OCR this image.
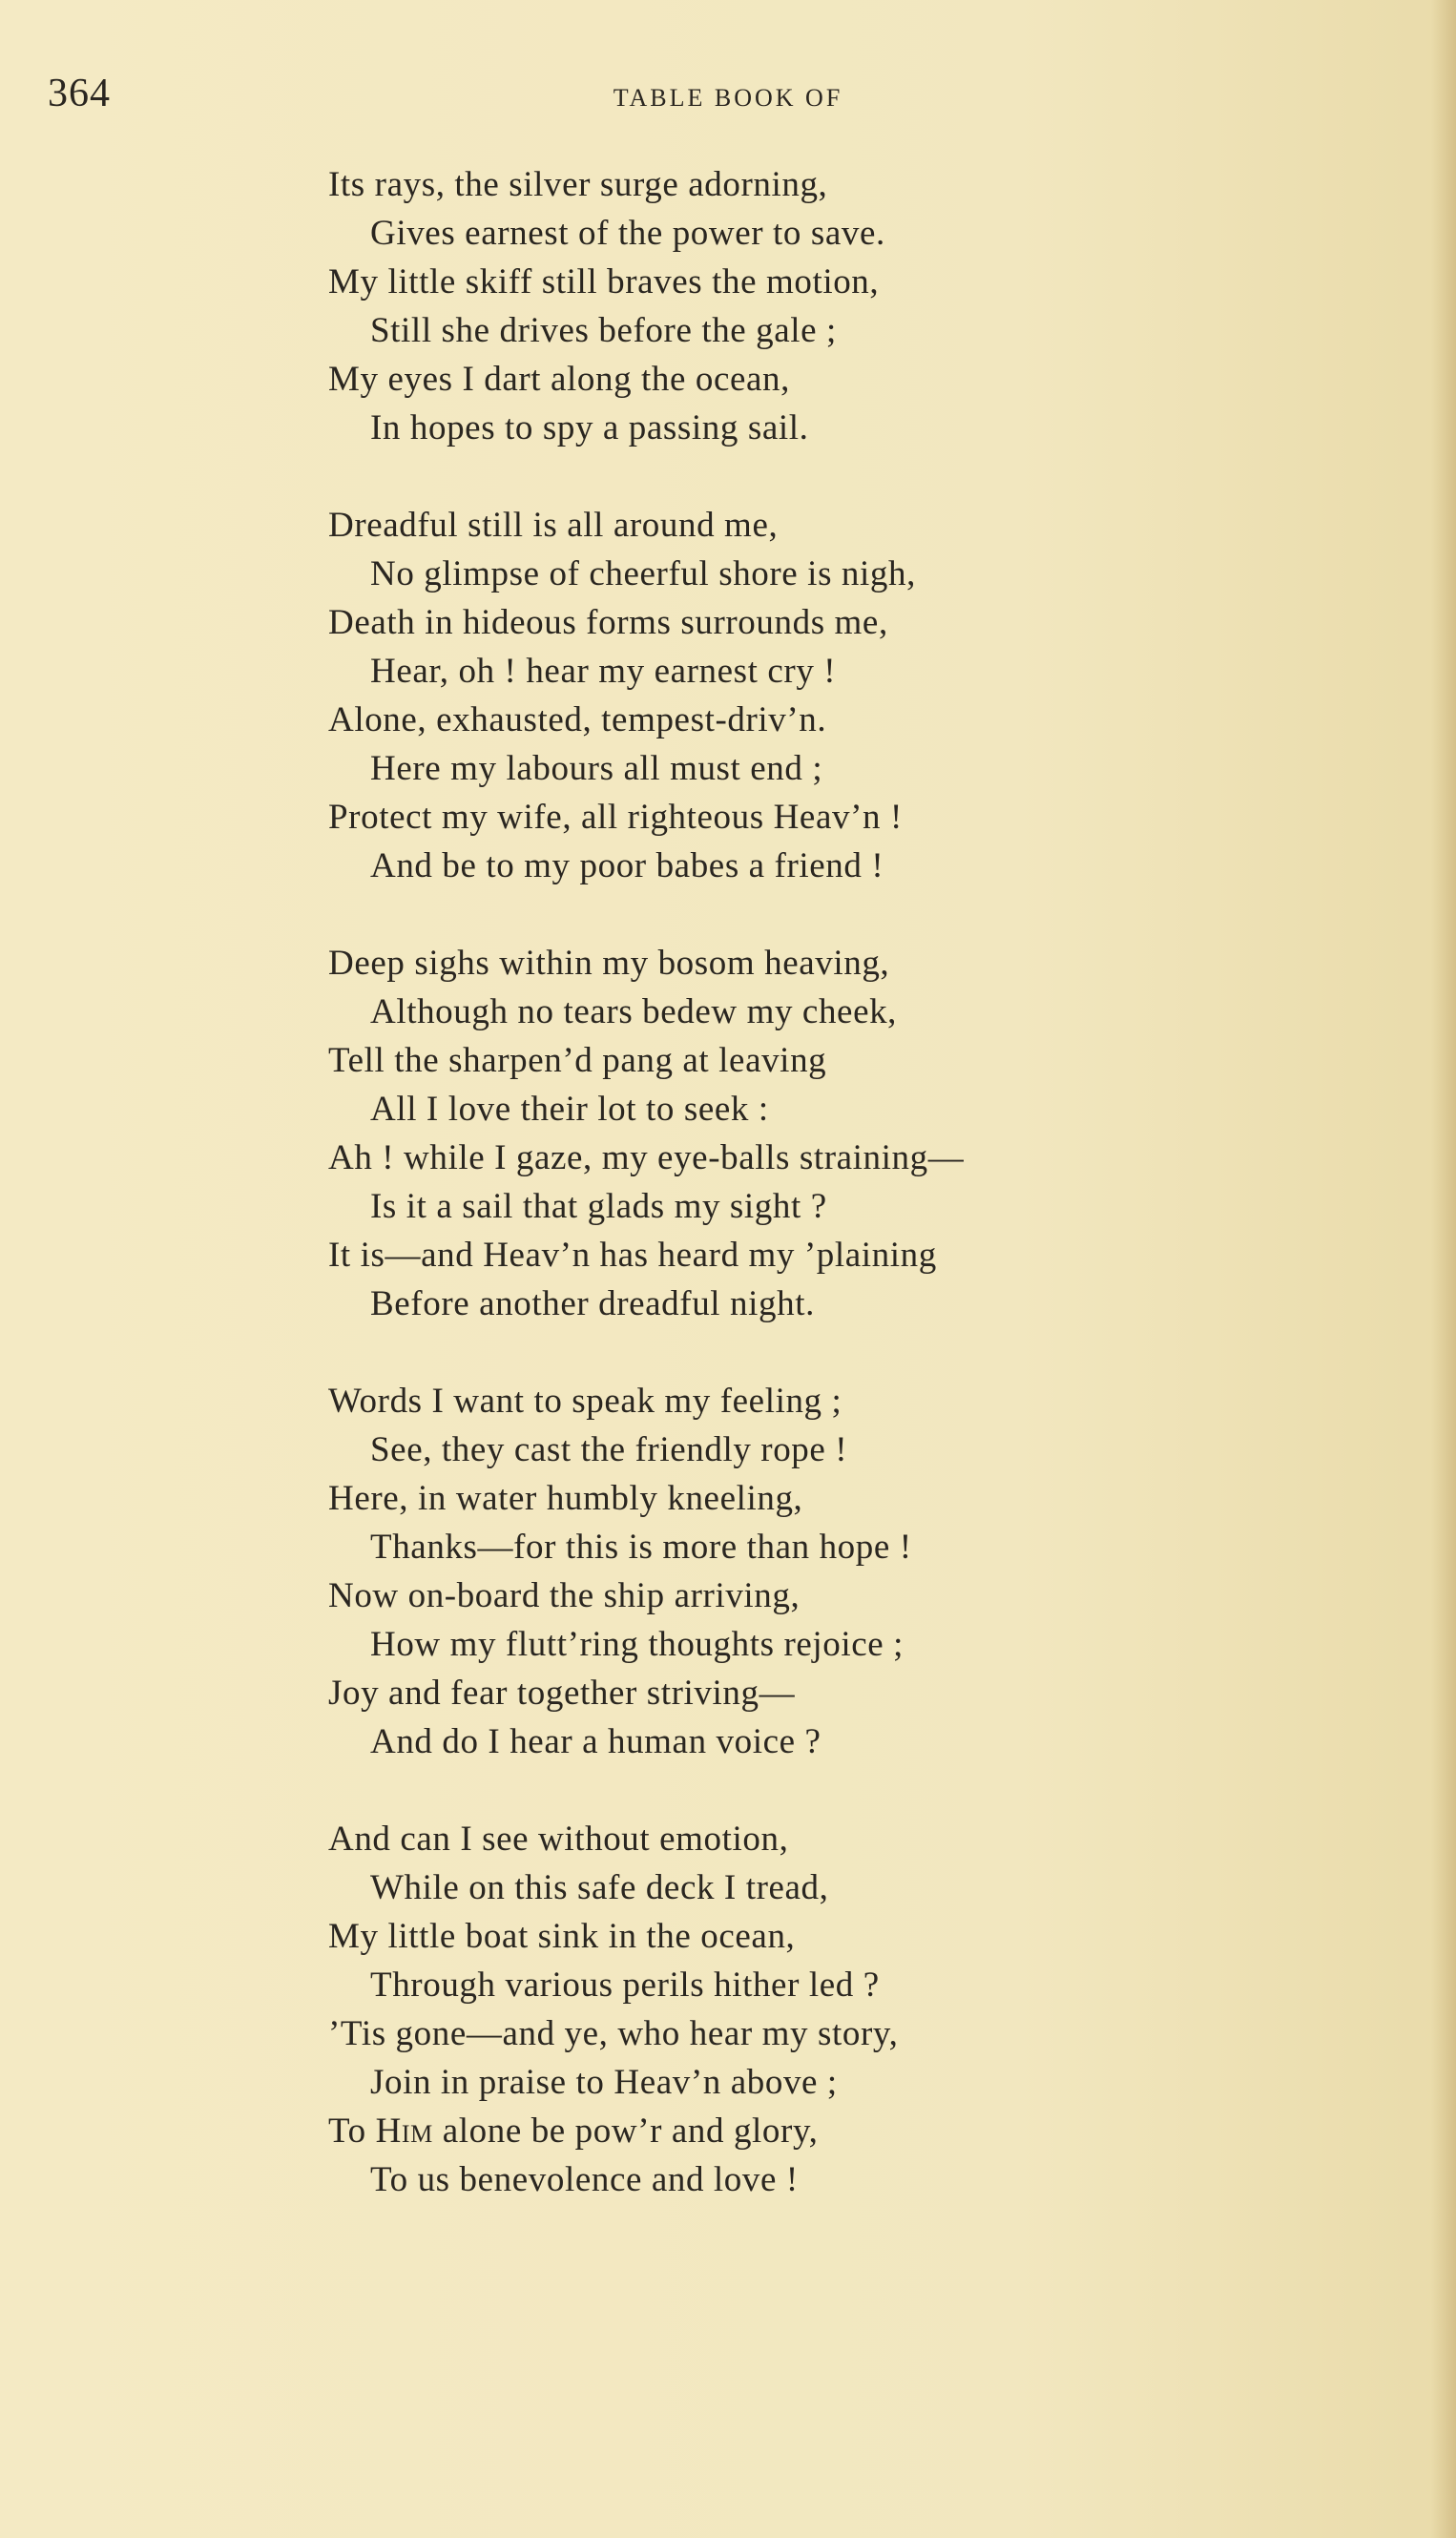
364	TABLE BOOK OF
Its rays, the silver surge adorning,
Gives earnest of the power to save.
My little skiff still braves the motion,
Still she drives before the gale ;
My eyes I dart along the ocean,
In hopes to spy a passing sail.
Dreadful still is all around me,
No glimpse of cheerful shore is nigh,
Death in hideous forms surrounds me,
Hear, oh ! hear my earnest cry !
Alone, exhausted, tempest-driv’n.
Here my labours all must end ;
Protect my wife, all righteous Heav’n !
And be to my poor babes a friend !
Deep sighs within my bosom heaving,
Although no tears bedew my cheek,
Tell the sharpen’d pang at leaving
All I love their lot to seek :
Ah ! while I gaze, my eye-balls straining—
Is it a sail that glads my sight ?
It is—and Heav’n has heard my ’plaining
Before another dreadful night.
Words I want to speak my feeling ;
See, they cast the friendly rope !
Here, in water humbly kneeling,
Thanks—for this is more than hope !
Now on-board the ship arriving,
How my flutt’ring thoughts rejoice ;
Joy and fear together striving—
And do I hear a human voice ?
And can I see without emotion,
While on this safe deck I tread,
My little boat sink in the ocean,
Through various perils hither led ?
’Tis gone—and ye, who hear my story,
Join in praise to Heav’n above ;
To Him alone be pow’r and glory,
To us benevolence and love !
